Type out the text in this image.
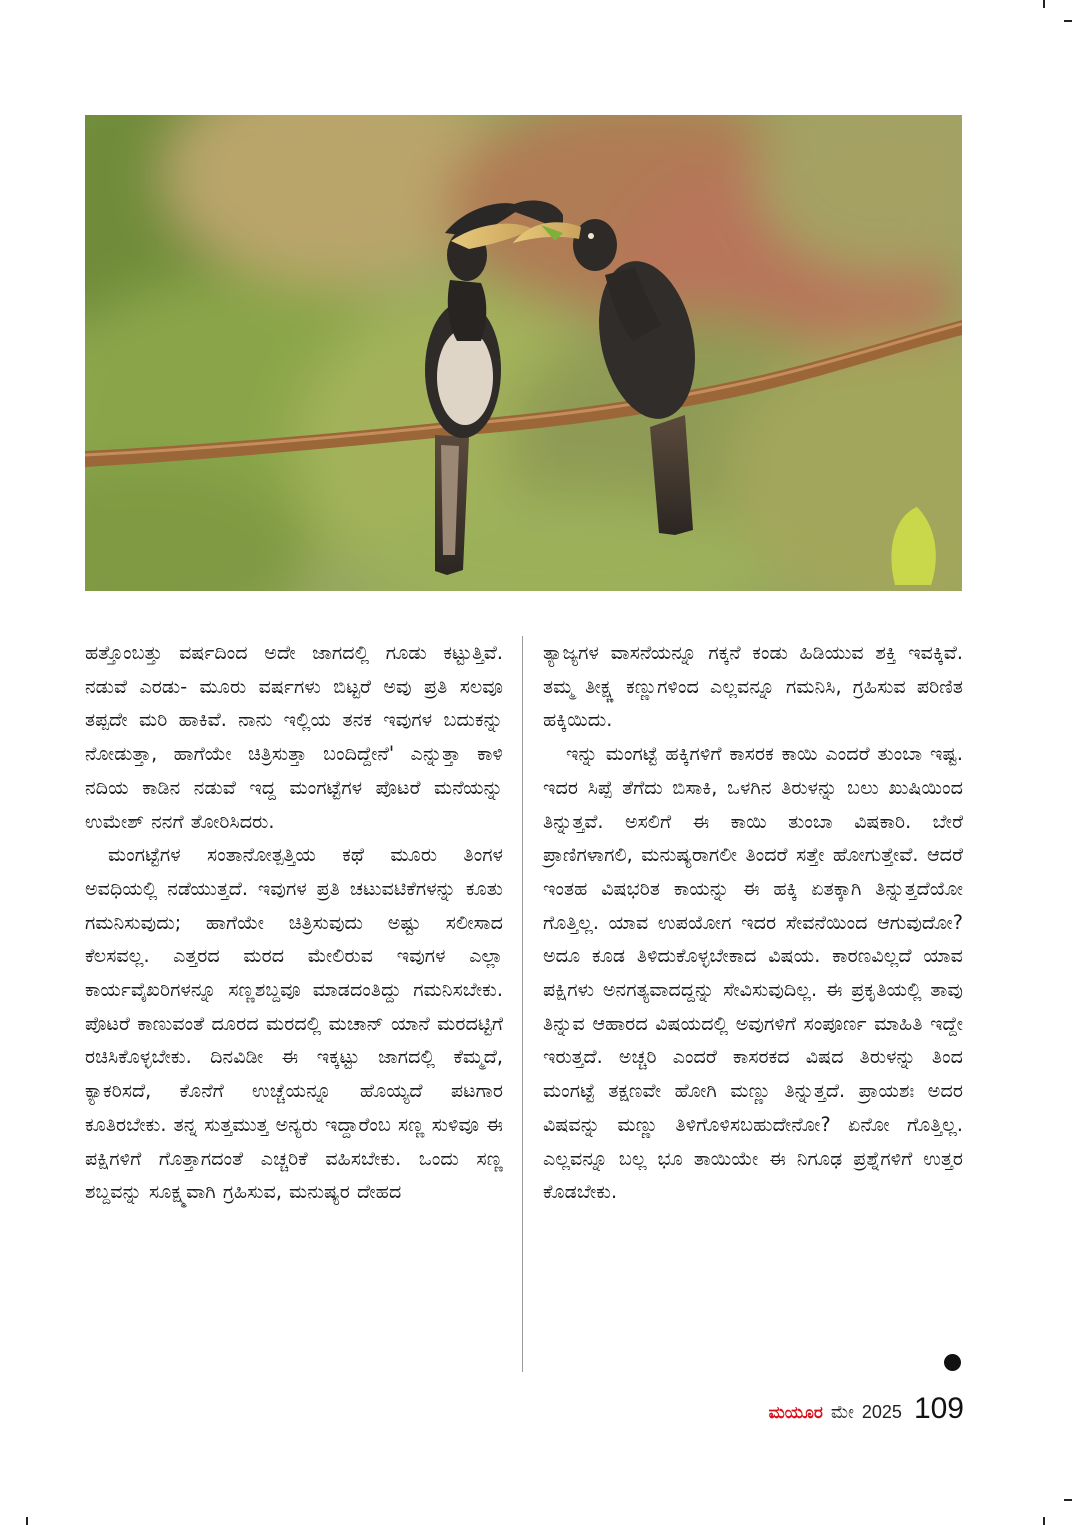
ಹತ್ತೊಂಬತ್ತು ವರ್ಷದಿಂದ ಅದೇ ಜಾಗದಲ್ಲಿ ಗೂಡು ಕಟ್ಟುತ್ತಿವೆ. ನಡುವೆ ಎರಡು- ಮೂರು ವರ್ಷಗಳು ಬಿಟ್ಟರೆ ಅವು ಪ್ರತಿ ಸಲವೂ ತಪ್ಪದೇ ಮರಿ ಹಾಕಿವೆ. ನಾನು ಇಲ್ಲಿಯ ತನಕ ಇವುಗಳ ಬದುಕನ್ನು ನೋಡುತ್ತಾ, ಹಾಗೆಯೇ ಚಿತ್ರಿಸುತ್ತಾ ಬಂದಿದ್ದೇನೆ' ಎನ್ನುತ್ತಾ ಕಾಳಿ ನದಿಯ ಕಾಡಿನ ನಡುವೆ ಇದ್ದ ಮಂಗಟ್ಟೆಗಳ ಪೊಟರೆ ಮನೆಯನ್ನು ಉಮೇಶ್ ನನಗೆ ತೋರಿಸಿದರು.

ಮಂಗಟ್ಟೆಗಳ ಸಂತಾನೋತ್ಪತ್ತಿಯ ಕಥೆ ಮೂರು ತಿಂಗಳ ಅವಧಿಯಲ್ಲಿ ನಡೆಯುತ್ತದೆ. ಇವುಗಳ ಪ್ರತಿ ಚಟುವಟಿಕೆಗಳನ್ನು ಕೂತು ಗಮನಿಸುವುದು; ಹಾಗೆಯೇ ಚಿತ್ರಿಸುವುದು ಅಷ್ಟು ಸಲೀಸಾದ ಕೆಲಸವಲ್ಲ. ಎತ್ತರದ ಮರದ ಮೇಲಿರುವ ಇವುಗಳ ಎಲ್ಲಾ ಕಾರ್ಯವೈಖರಿಗಳನ್ನೂ ಸಣ್ಣಶಬ್ದವೂ ಮಾಡದಂತಿದ್ದು ಗಮನಿಸಬೇಕು. ಪೊಟರೆ ಕಾಣುವಂತೆ ದೂರದ ಮರದಲ್ಲಿ ಮಚಾನ್ ಯಾನೆ ಮರದಟ್ಟಿಗೆ ರಚಿಸಿಕೊಳ್ಳಬೇಕು. ದಿನವಿಡೀ ಈ ಇಕ್ಕಟ್ಟು ಜಾಗದಲ್ಲಿ ಕೆಮ್ಮದೆ, ಕ್ಯಾಕರಿಸದೆ, ಕೊನೆಗೆ ಉಚ್ಚೆಯನ್ನೂ ಹೊಯ್ಯದೆ ಪಟಗಾರ ಕೂತಿರಬೇಕು. ತನ್ನ ಸುತ್ತಮುತ್ತ ಅನ್ಯರು ಇದ್ದಾರೆಂಬ ಸಣ್ಣ ಸುಳಿವೂ ಈ ಪಕ್ಷಿಗಳಿಗೆ ಗೊತ್ತಾಗದಂತೆ ಎಚ್ಚರಿಕೆ ವಹಿಸಬೇಕು. ಒಂದು ಸಣ್ಣ ಶಬ್ದವನ್ನು ಸೂಕ್ಷ್ಮವಾಗಿ ಗ್ರಹಿಸುವ, ಮನುಷ್ಯರ ದೇಹದ

ತ್ಯಾಜ್ಯಗಳ ವಾಸನೆಯನ್ನೂ ಗಕ್ಕನೆ ಕಂಡು ಹಿಡಿಯುವ ಶಕ್ತಿ ಇವಕ್ಕಿವೆ. ತಮ್ಮ ತೀಕ್ಷ್ಣ ಕಣ್ಣುಗಳಿಂದ ಎಲ್ಲವನ್ನೂ ಗಮನಿಸಿ, ಗ್ರಹಿಸುವ ಪರಿಣಿತ ಹಕ್ಕಿಯಿದು.

ಇನ್ನು ಮಂಗಟ್ಟೆ ಹಕ್ಕಿಗಳಿಗೆ ಕಾಸರಕ ಕಾಯಿ ಎಂದರೆ ತುಂಬಾ ಇಷ್ಟ. ಇದರ ಸಿಪ್ಪೆ ತೆಗೆದು ಬಿಸಾಕಿ, ಒಳಗಿನ ತಿರುಳನ್ನು ಬಲು ಖುಷಿಯಿಂದ ತಿನ್ನುತ್ತವೆ. ಅಸಲಿಗೆ ಈ ಕಾಯಿ ತುಂಬಾ ವಿಷಕಾರಿ. ಬೇರೆ ಪ್ರಾಣಿಗಳಾಗಲಿ, ಮನುಷ್ಯರಾಗಲೀ ತಿಂದರೆ ಸತ್ತೇ ಹೋಗುತ್ತೇವೆ. ಆದರೆ ಇಂತಹ ವಿಷಭರಿತ ಕಾಯನ್ನು ಈ ಹಕ್ಕಿ ಏತಕ್ಕಾಗಿ ತಿನ್ನುತ್ತದೆಯೋ ಗೊತ್ತಿಲ್ಲ. ಯಾವ ಉಪಯೋಗ ಇದರ ಸೇವನೆಯಿಂದ ಆಗುವುದೋ? ಅದೂ ಕೂಡ ತಿಳಿದುಕೊಳ್ಳಬೇಕಾದ ವಿಷಯ. ಕಾರಣವಿಲ್ಲದೆ ಯಾವ ಪಕ್ಷಿಗಳು ಅನಗತ್ಯವಾದದ್ದನ್ನು ಸೇವಿಸುವುದಿಲ್ಲ. ಈ ಪ್ರಕೃತಿಯಲ್ಲಿ ತಾವು ತಿನ್ನುವ ಆಹಾರದ ವಿಷಯದಲ್ಲಿ ಅವುಗಳಿಗೆ ಸಂಪೂರ್ಣ ಮಾಹಿತಿ ಇದ್ದೇ ಇರುತ್ತದೆ. ಅಚ್ಚರಿ ಎಂದರೆ ಕಾಸರಕದ ವಿಷದ ತಿರುಳನ್ನು ತಿಂದ ಮಂಗಟ್ಟೆ ತಕ್ಷಣವೇ ಹೋಗಿ ಮಣ್ಣು ತಿನ್ನುತ್ತದೆ. ಪ್ರಾಯಶಃ ಅದರ ವಿಷವನ್ನು ಮಣ್ಣು ತಿಳಿಗೊಳಿಸಬಹುದೇನೋ? ಏನೋ ಗೊತ್ತಿಲ್ಲ. ಎಲ್ಲವನ್ನೂ ಬಲ್ಲ ಭೂ ತಾಯಿಯೇ ಈ ನಿಗೂಢ ಪ್ರಶ್ನೆಗಳಿಗೆ ಉತ್ತರ ಕೊಡಬೇಕು.

ಮಯೂರ ಮೇ 2025 109
